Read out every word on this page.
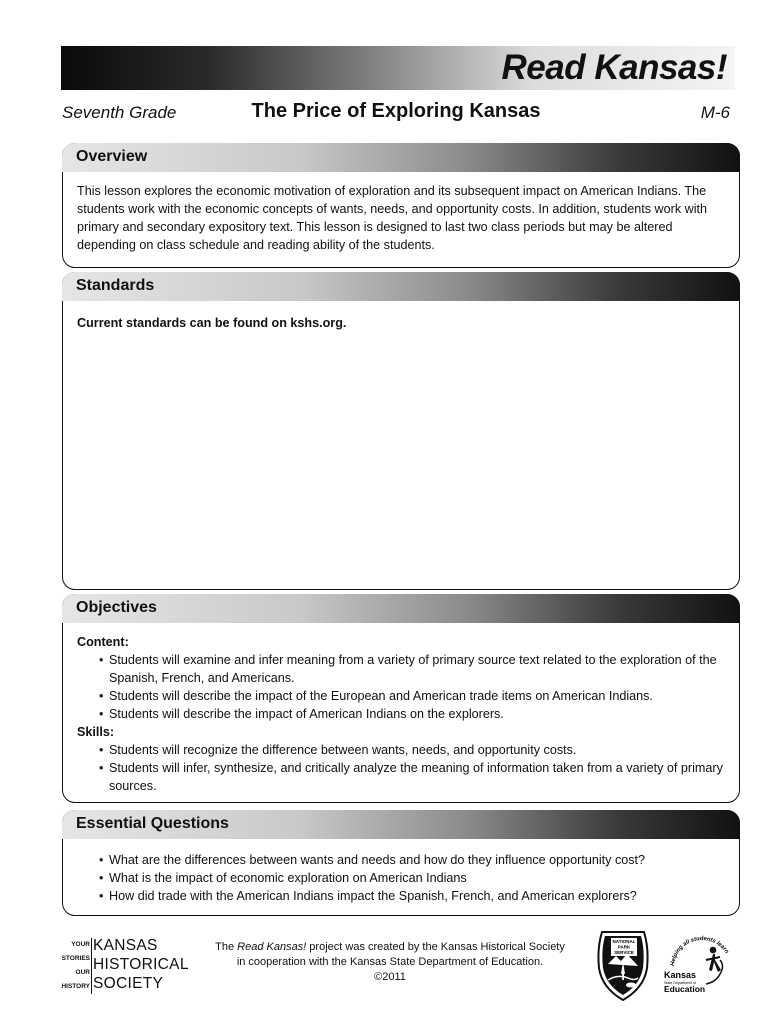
Read Kansas!
Seventh Grade	The Price of Exploring Kansas	M-6
Overview

This lesson explores the economic motivation of exploration and its subsequent impact on American Indians. The students work with the economic concepts of wants, needs, and opportunity costs. In addition, students work with primary and secondary expository text. This lesson is designed to last two class periods but may be altered depending on class schedule and reading ability of the students.

Standards

Current standards can be found on kshs.org.

Objectives

Content:

• Students will examine and infer meaning from a variety of primary source text related to the exploration of the Spanish, French, and Americans.
• Students will describe the impact of the European and American trade items on American Indians.
• Students will describe the impact of American Indians on the explorers.

Skills:

• Students will recognize the difference between wants, needs, and opportunity costs.
• Students will infer, synthesize, and critically analyze the meaning of information taken from a variety of primary sources.
Essential Questions
• What are the differences between wants and needs and how do they influence opportunity cost?
• What is the impact of economic exploration on American Indians
• How did trade with the American Indians impact the Spanish, French, and American explorers?
YOUR
STORIES
OUR
HISTORY
KANSAS
HISTORICAL
SOCIETY
The Read Kansas! project was created by the Kansas Historical Society
in cooperation with the Kansas State Department of Education.
©2011
NATIONAL
PARK
SERVICE
Helping all students learn
Kansas
State Department of
Education
